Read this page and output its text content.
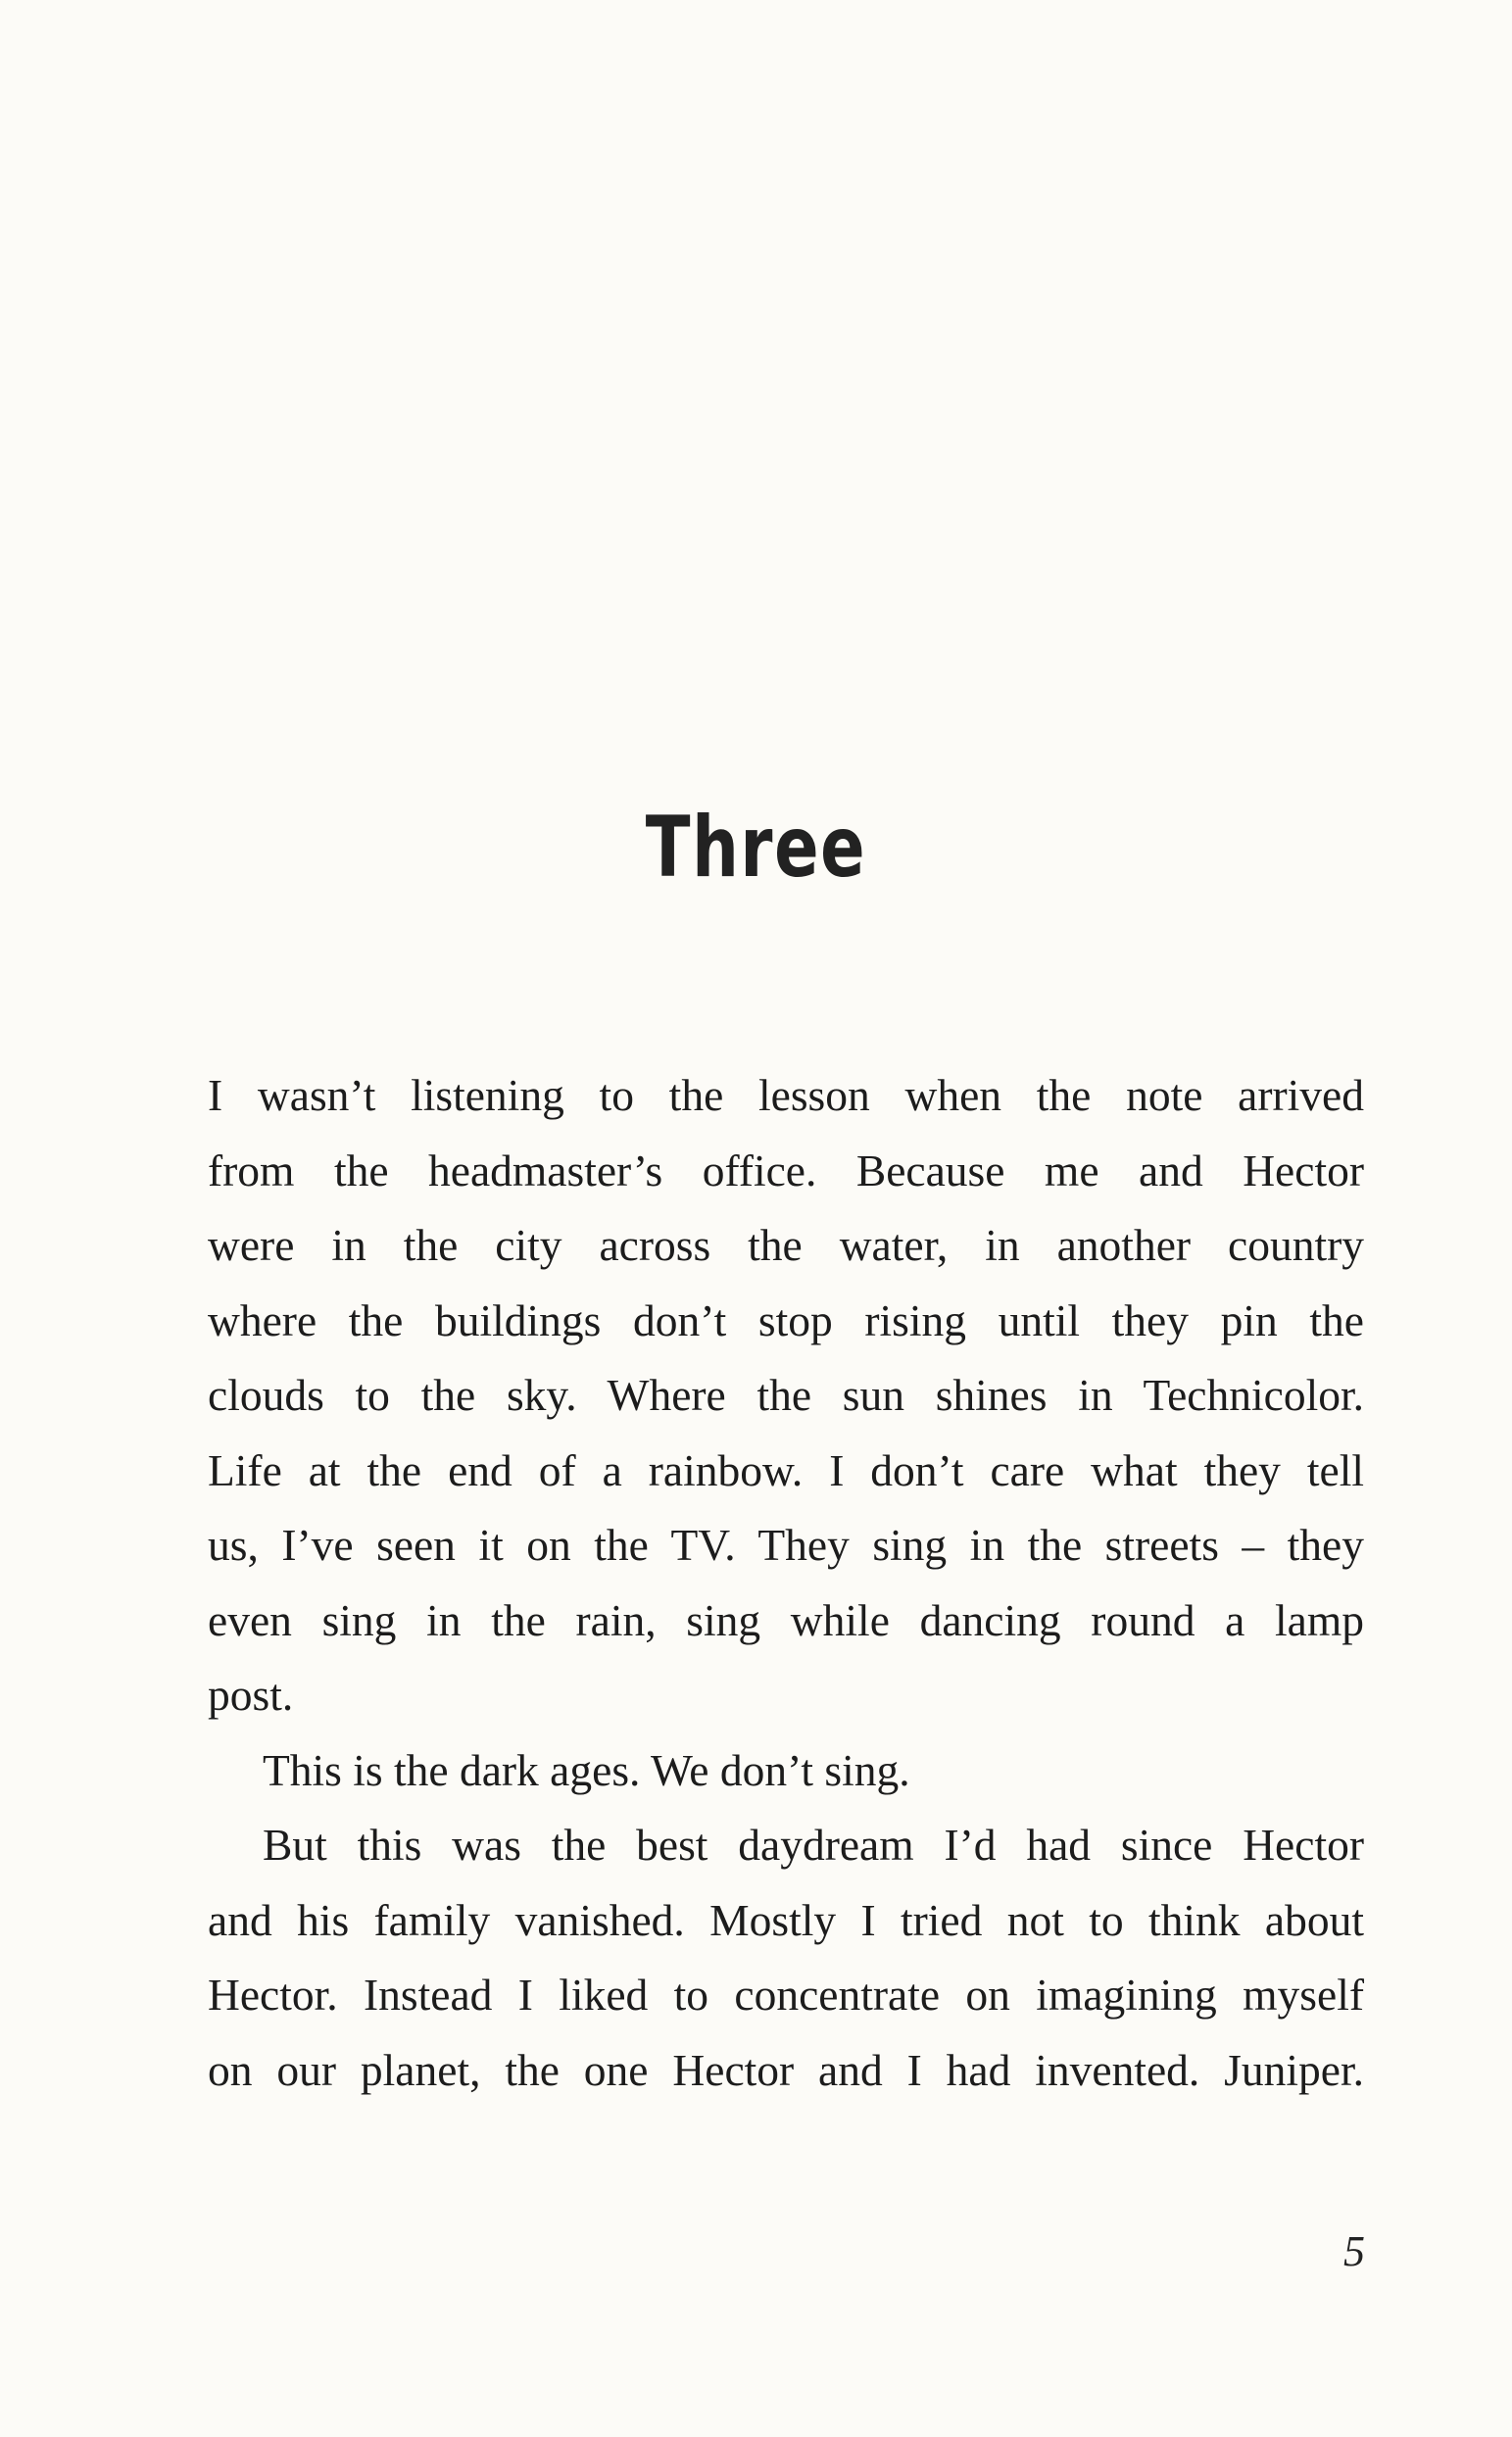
Three
I wasn’t listening to the lesson when the note arrived
from the headmaster’s office. Because me and Hector
were in the city across the water, in another country
where the buildings don’t stop rising until they pin the
clouds to the sky. Where the sun shines in Technicolor.
Life at the end of a rainbow. I don’t care what they tell
us, I’ve seen it on the TV. They sing in the streets – they
even sing in the rain, sing while dancing round a lamp
post.
This is the dark ages. We don’t sing.
But this was the best daydream I’d had since Hector
and his family vanished. Mostly I tried not to think about
Hector. Instead I liked to concentrate on imagining myself
on our planet, the one Hector and I had invented. Juniper.
5
